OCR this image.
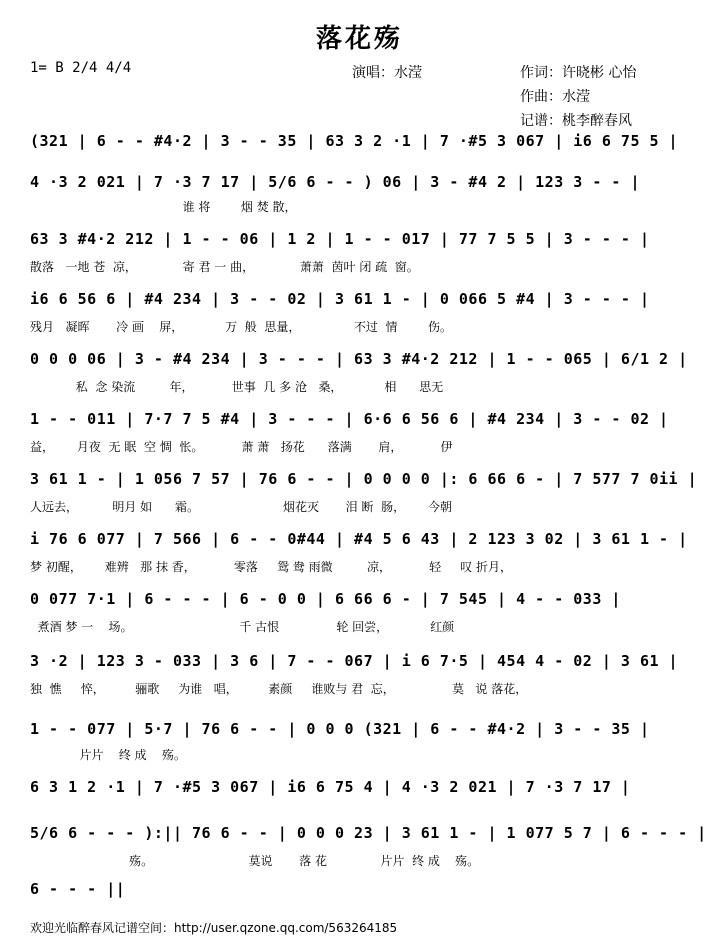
落花殇
1= B 2/4 4/4	演唱：水滢	作词：许晓彬 心怡
作曲：水滢
记谱：桃李醉春风
(321 | 6 - - #4·2 | 3 - - 35 | 63 3 2 ·1 | 7 ·#5 3 067 | i6 6 75 5 |
4 ·3 2 021 | 7 ·3 7 17 | 5/6 6 - - ) 06 | 3 - #4 2 | 123 3 - - |
谁 将        烟 焚 散，
63 3 #4·2 212 | 1 - - 06 | 1 2 | 1 - - 017 | 77 7 5 5 | 3 - - - |
散落   一地 苍  凉，            寄 君 一 曲，            萧萧  茵叶 闭 疏  窗。
i6 6 56 6 | #4 234 | 3 - - 02 | 3 61 1 - | 0 066 5 #4 | 3 - - - |
残月   凝晖       冷 画    屏，           万  般  思量，              不过  情        伤。
0 0 0 06 | 3 - #4 234 | 3 - - - | 63 3 #4·2 212 | 1 - - 065 | 6/1 2 |
私  念 染流         年，          世事  几 多 沧   桑，           相      思无
1 - - 011 | 7·7 7 5 #4 | 3 - - - | 6·6 6 56 6 | #4 234 | 3 - - 02 |
益，      月夜  无 眠  空 惆  怅。          萧 萧   扬花      落满       肩，          伊
3 61 1 - | 1 056 7 57 | 76 6 - - | 0 0 0 0 |: 6 66 6 - | 7 577 7 0ii |
人远去，         明月 如      霜。                      烟花灭       泪 断  肠，      今朝
i 76 6 077 | 7 566 | 6 - - 0#44 | #4 5 6 43 | 2 123 3 02 | 3 61 1 - |
梦 初醒，      难辨   那 抹 香，          零落     鸳 鸯 雨微         凉，          轻     叹 折月，
0 077 7·1 | 6 - - - | 6 - 0 0 | 6 66 6 - | 7 545 | 4 - - 033 |
煮酒 梦 一    场。                            千 古恨               轮 回尝，           红颜
3 ·2 | 123 3 - 033 | 3 6 | 7 - - 067 | i 6 7·5 | 454 4 - 02 | 3 61 |
独  憔     悴，        骊歌     为谁   唱，        素颜     谁败与 君  忘，               莫   说 落花，
1 - - 077 | 5·7 | 76 6 - - | 0 0 0 (321 | 6 - - #4·2 | 3 - - 35 |
片片    终 成    殇。
6 3 1 2 ·1 | 7 ·#5 3 067 | i6 6 75 4 | 4 ·3 2 021 | 7 ·3 7 17 |
5/6 6 - - - ):|| 76 6 - - | 0 0 0 23 | 3 61 1 - | 1 077 5 7 | 6 - - - |
殇。                         莫说       落 花              片片  终 成    殇。
6 - - - ||
欢迎光临醉春风记谱空间：http://user.qzone.qq.com/563264185
